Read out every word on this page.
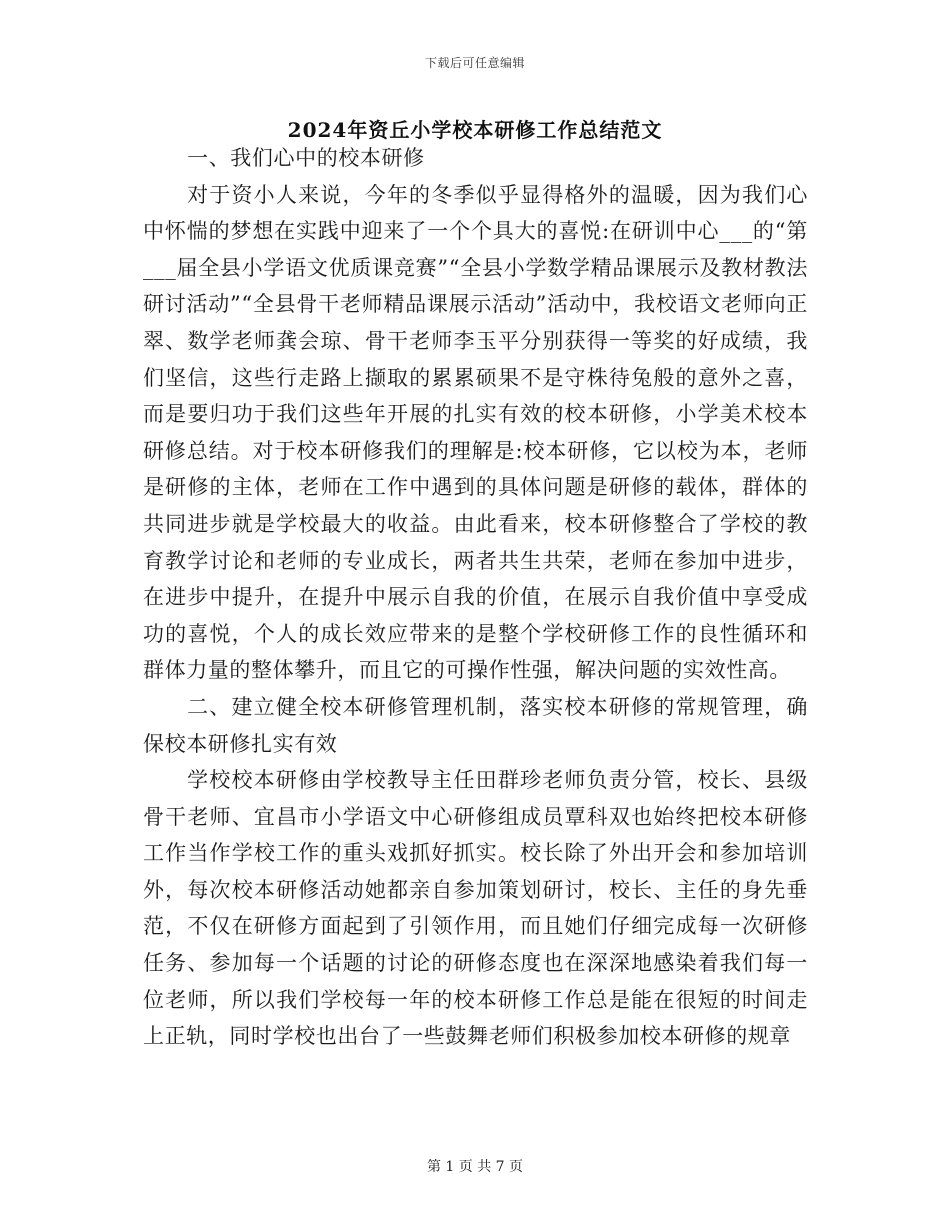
下载后可任意编辑
2024年资丘小学校本研修工作总结范文

一、我们心中的校本研修

对于资小人来说，今年的冬季似乎显得格外的温暖，因为我们心中怀惴的梦想在实践中迎来了一个个具大的喜悦:在研训中心___的“第___届全县小学语文优质课竞赛”“全县小学数学精品课展示及教材教法研讨活动”“全县骨干老师精品课展示活动”活动中，我校语文老师向正翠、数学老师龚会琼、骨干老师李玉平分别获得一等奖的好成绩，我们坚信，这些行走路上撷取的累累硕果不是守株待兔般的意外之喜，而是要归功于我们这些年开展的扎实有效的校本研修，小学美术校本研修总结。对于校本研修我们的理解是:校本研修，它以校为本，老师是研修的主体，老师在工作中遇到的具体问题是研修的载体，群体的共同进步就是学校最大的收益。由此看来，校本研修整合了学校的教育教学讨论和老师的专业成长，两者共生共荣，老师在参加中进步，在进步中提升，在提升中展示自我的价值，在展示自我价值中享受成功的喜悦，个人的成长效应带来的是整个学校研修工作的良性循环和群体力量的整体攀升，而且它的可操作性强，解决问题的实效性高。

二、建立健全校本研修管理机制，落实校本研修的常规管理，确保校本研修扎实有效

学校校本研修由学校教导主任田群珍老师负责分管，校长、县级骨干老师、宜昌市小学语文中心研修组成员覃科双也始终把校本研修工作当作学校工作的重头戏抓好抓实。校长除了外出开会和参加培训外，每次校本研修活动她都亲自参加策划研讨，校长、主任的身先垂范，不仅在研修方面起到了引领作用，而且她们仔细完成每一次研修任务、参加每一个话题的讨论的研修态度也在深深地感染着我们每一位老师，所以我们学校每一年的校本研修工作总是能在很短的时间走上正轨，同时学校也出台了一些鼓舞老师们积极参加校本研修的规章

第 1 页 共 7 页
